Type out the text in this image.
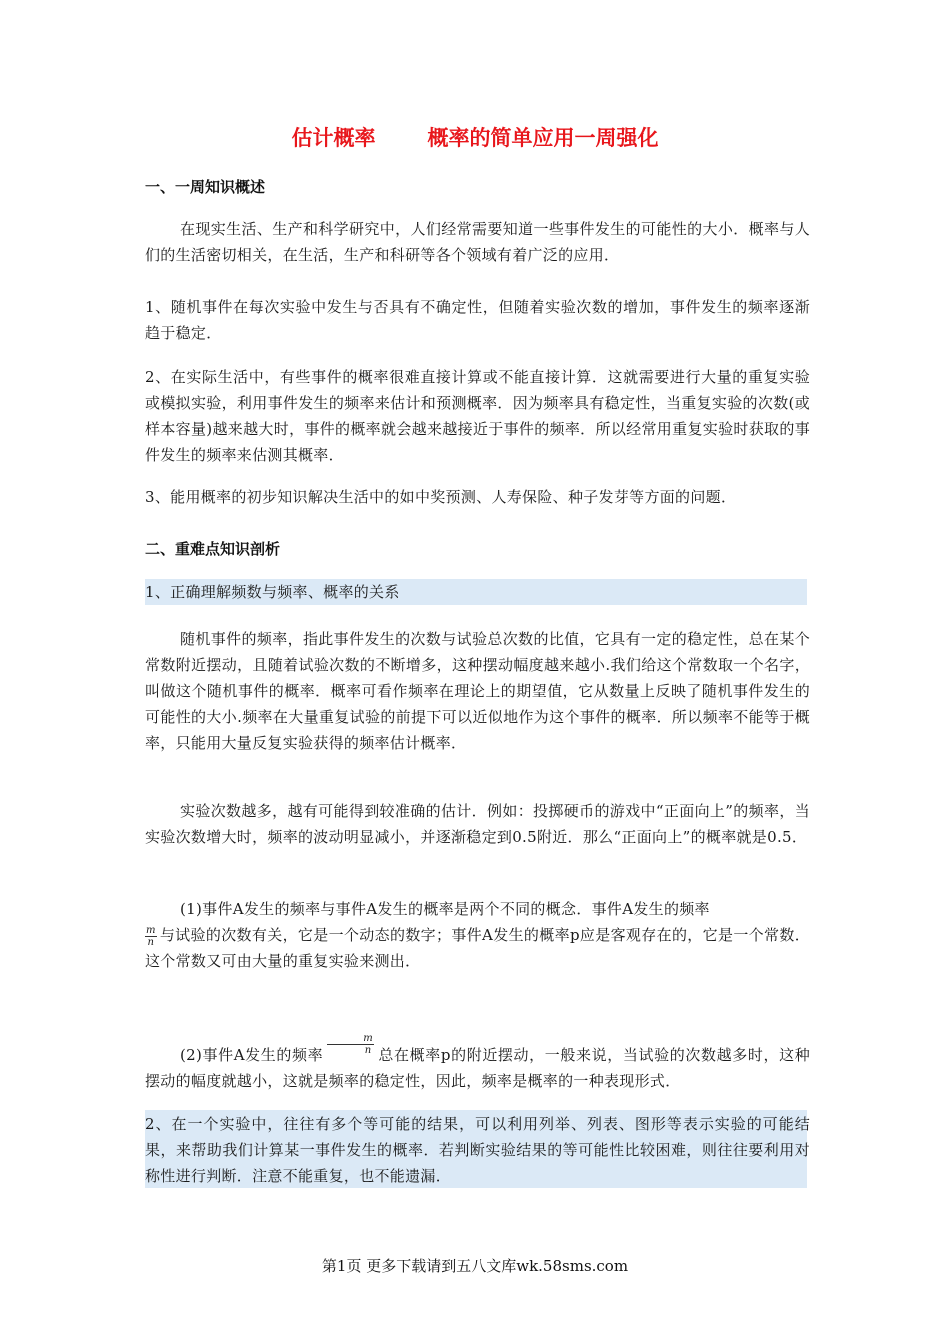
估计概率 概率的简单应用一周强化
一、一周知识概述
在现实生活、生产和科学研究中，人们经常需要知道一些事件发生的可能性的大小．概率与人们的生活密切相关，在生活，生产和科研等各个领域有着广泛的应用．
1、随机事件在每次实验中发生与否具有不确定性，但随着实验次数的增加，事件发生的频率逐渐趋于稳定．
2、在实际生活中，有些事件的概率很难直接计算或不能直接计算．这就需要进行大量的重复实验或模拟实验，利用事件发生的频率来估计和预测概率．因为频率具有稳定性，当重复实验的次数(或样本容量)越来越大时，事件的概率就会越来越接近于事件的频率．所以经常用重复实验时获取的事件发生的频率来估测其概率．
3、能用概率的初步知识解决生活中的如中奖预测、人寿保险、种子发芽等方面的问题．
二、重难点知识剖析
1、正确理解频数与频率、概率的关系
随机事件的频率，指此事件发生的次数与试验总次数的比值，它具有一定的稳定性，总在某个常数附近摆动，且随着试验次数的不断增多，这种摆动幅度越来越小.我们给这个常数取一个名字，叫做这个随机事件的概率．概率可看作频率在理论上的期望值，它从数量上反映了随机事件发生的可能性的大小.频率在大量重复试验的前提下可以近似地作为这个事件的概率．所以频率不能等于概率，只能用大量反复实验获得的频率估计概率．
实验次数越多，越有可能得到较准确的估计．例如：投掷硬币的游戏中“正面向上”的频率，当实验次数增大时，频率的波动明显减小，并逐渐稳定到0.5附近．那么“正面向上”的概率就是0.5．
(1)事件A发生的频率与事件A发生的概率是两个不同的概念．事件A发生的频率
$\frac{m}{n}$ 与试验的次数有关，它是一个动态的数字；事件A发生的概率p应是客观存在的，它是一个常数．这个常数又可由大量的重复实验来测出．
(2)事件A发生的频率 $\frac{m}{n}$ 总在概率p的附近摆动，一般来说，当试验的次数越多时，这种摆动的幅度就越小，这就是频率的稳定性，因此，频率是概率的一种表现形式．
2、在一个实验中，往往有多个等可能的结果，可以利用列举、列表、图形等表示实验的可能结果，来帮助我们计算某一事件发生的概率．若判断实验结果的等可能性比较困难，则往往要利用对称性进行判断．注意不能重复，也不能遗漏．
第1页 更多下载请到五八文库wk.58sms.com
